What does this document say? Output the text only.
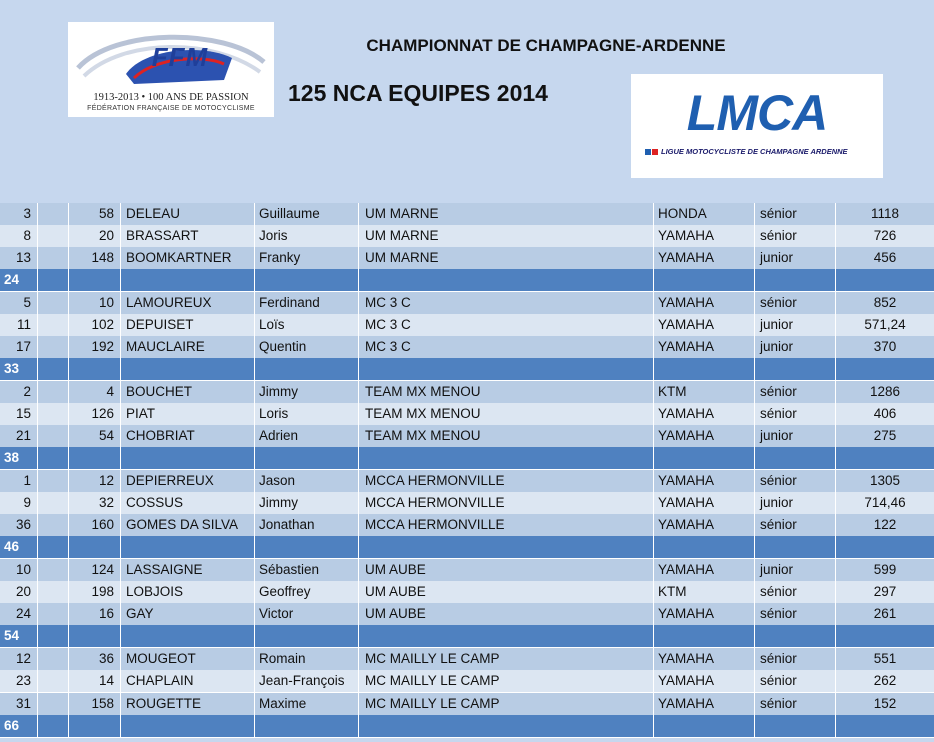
FFM
1913-2013 • 100 ANS DE PASSION
FÉDÉRATION FRANÇAISE DE MOTOCYCLISME
CHAMPIONNAT DE CHAMPAGNE-ARDENNE
125 NCA EQUIPES 2014	LMCA
LIGUE MOTOCYCLISTE DE CHAMPAGNE ARDENNE
3	58 DELEAU	Guillaume	UM MARNE	HONDA	sénior	1118
8	20 BRASSART	Joris	UM MARNE	YAMAHA	sénior	726
13	148 BOOMKARTNER	Franky	UM MARNE	YAMAHA	junior	456
24
5	10 LAMOUREUX	Ferdinand	MC 3 C	YAMAHA	sénior	852
11	102 DEPUISET	Loïs	MC 3 C	YAMAHA	junior	571,24
17	192 MAUCLAIRE	Quentin	MC 3 C	YAMAHA	junior	370
33
2	4 BOUCHET	Jimmy	TEAM MX MENOU	KTM	sénior	1286
15	126 PIAT	Loris	TEAM MX MENOU	YAMAHA	sénior	406
21	54 CHOBRIAT	Adrien	TEAM MX MENOU	YAMAHA	junior	275
38
1	12 DEPIERREUX	Jason	MCCA HERMONVILLE	YAMAHA	sénior	1305
9	32 COSSUS	Jimmy	MCCA HERMONVILLE	YAMAHA	junior	714,46
36	160 GOMES DA SILVA	Jonathan	MCCA HERMONVILLE	YAMAHA	sénior	122
46
10	124 LASSAIGNE	Sébastien	UM AUBE	YAMAHA	junior	599
20	198 LOBJOIS	Geoffrey	UM AUBE	KTM	sénior	297
24	16 GAY	Victor	UM AUBE	YAMAHA	sénior	261
54
12	36 MOUGEOT	Romain	MC MAILLY LE CAMP	YAMAHA	sénior	551
23	14 CHAPLAIN	Jean-François	MC MAILLY LE CAMP	YAMAHA	sénior	262
31	158 ROUGETTE	Maxime	MC MAILLY LE CAMP	YAMAHA	sénior	152
66
